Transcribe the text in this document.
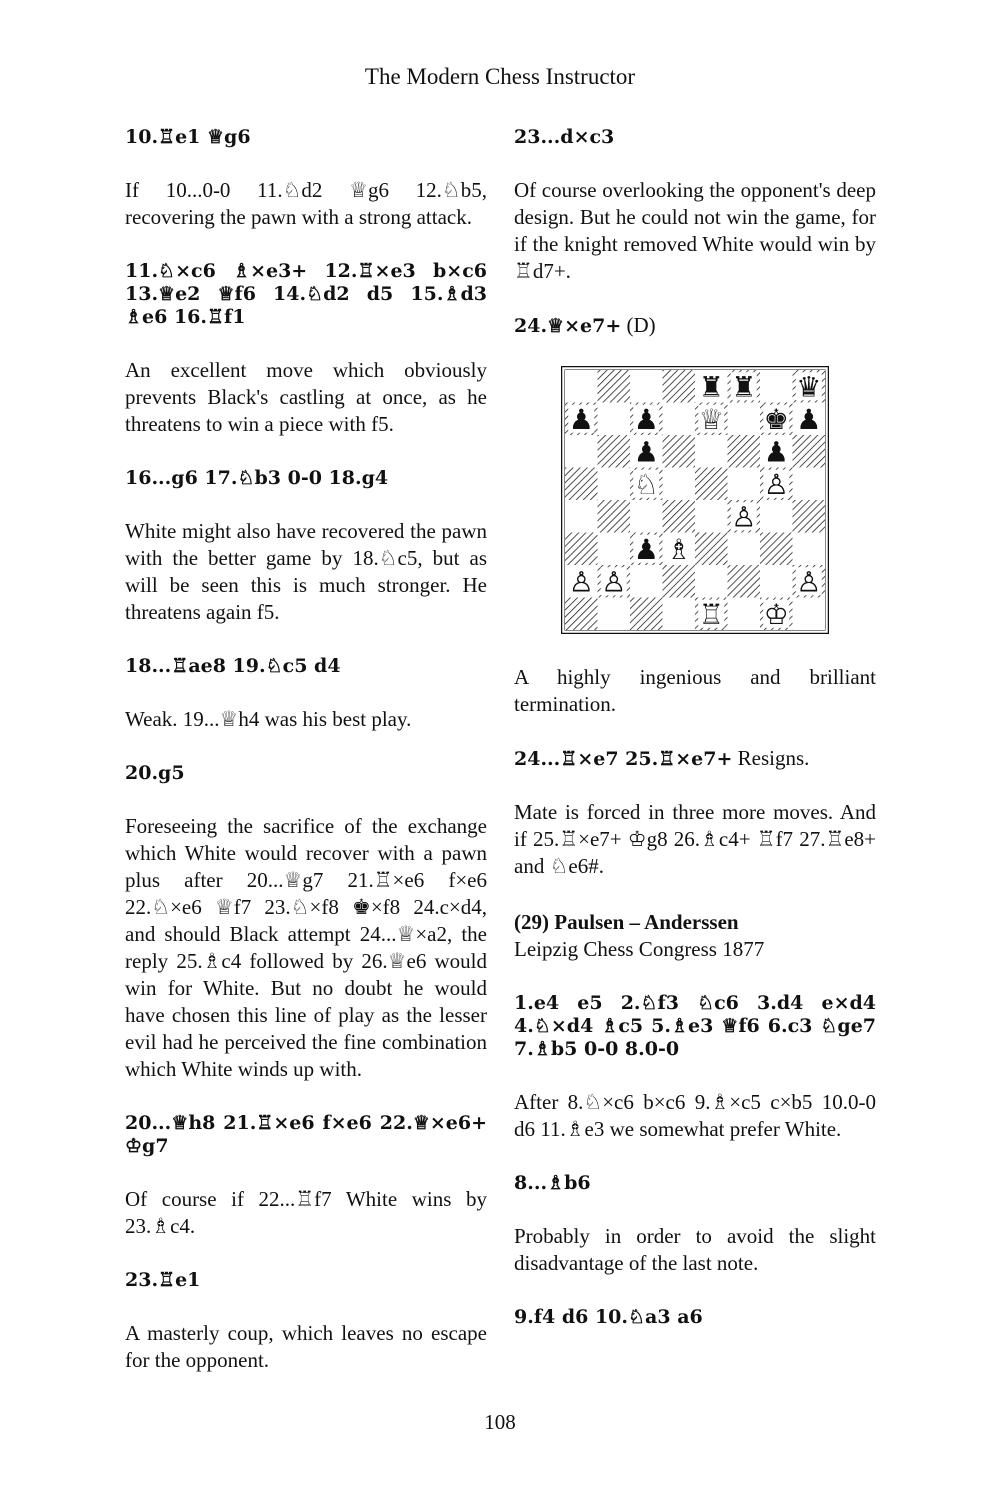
The Modern Chess Instructor

10.♖e1 ♕g6

If 10...0-0 11.♘d2 ♕g6 12.♘b5, recovering the pawn with a strong attack.

11.♘×c6 ♗×e3+ 12.♖×e3 b×c6 13.♕e2 ♕f6 14.♘d2 d5 15.♗d3 ♗e6 16.♖f1

An excellent move which obviously prevents Black's castling at once, as he threatens to win a piece with f5.

16...g6 17.♘b3 0-0 18.g4

White might also have recovered the pawn with the better game by 18.♘c5, but as will be seen this is much stronger. He threatens again f5.

18...♖ae8 19.♘c5 d4

Weak. 19...♕h4 was his best play.

20.g5

Foreseeing the sacrifice of the exchange which White would recover with a pawn plus after 20...♕g7 21.♖×e6 f×e6 22.♘×e6 ♕f7 23.♘×f8 ♚×f8 24.c×d4, and should Black attempt 24...♕×a2, the reply 25.♗c4 followed by 26.♕e6 would win for White. But no doubt he would have chosen this line of play as the lesser evil had he perceived the fine combination which White winds up with.

20...♕h8 21.♖×e6 f×e6 22.♕×e6+ ♔g7

Of course if 22...♖f7 White wins by 23.♗c4.

23.♖e1

A masterly coup, which leaves no escape for the opponent.

23...d×c3

Of course overlooking the opponent's deep design. But he could not win the game, for if the knight removed White would win by ♖d7+.

24.♕×e7+ (D)

♜ ♜ ♛
♟ ♟ ♕ ♚ ♟
♟	♟
♘	♙
♙
♟ ♗
♙ ♙	♙
♖ ♔

A highly ingenious and brilliant termination.

24...♖×e7 25.♖×e7+ Resigns.

Mate is forced in three more moves. And if 25.♖×e7+ ♔g8 26.♗c4+ ♖f7 27.♖e8+ and ♘e6#.

(29) Paulsen – Anderssen
Leipzig Chess Congress 1877

1.e4 e5 2.♘f3 ♘c6 3.d4 e×d4 4.♘×d4 ♗c5 5.♗e3 ♕f6 6.c3 ♘ge7 7.♗b5 0-0 8.0-0

After 8.♘×c6 b×c6 9.♗×c5 c×b5 10.0-0 d6 11.♗e3 we somewhat prefer White.

8...♗b6

Probably in order to avoid the slight disadvantage of the last note.

9.f4 d6 10.♘a3 a6

108
